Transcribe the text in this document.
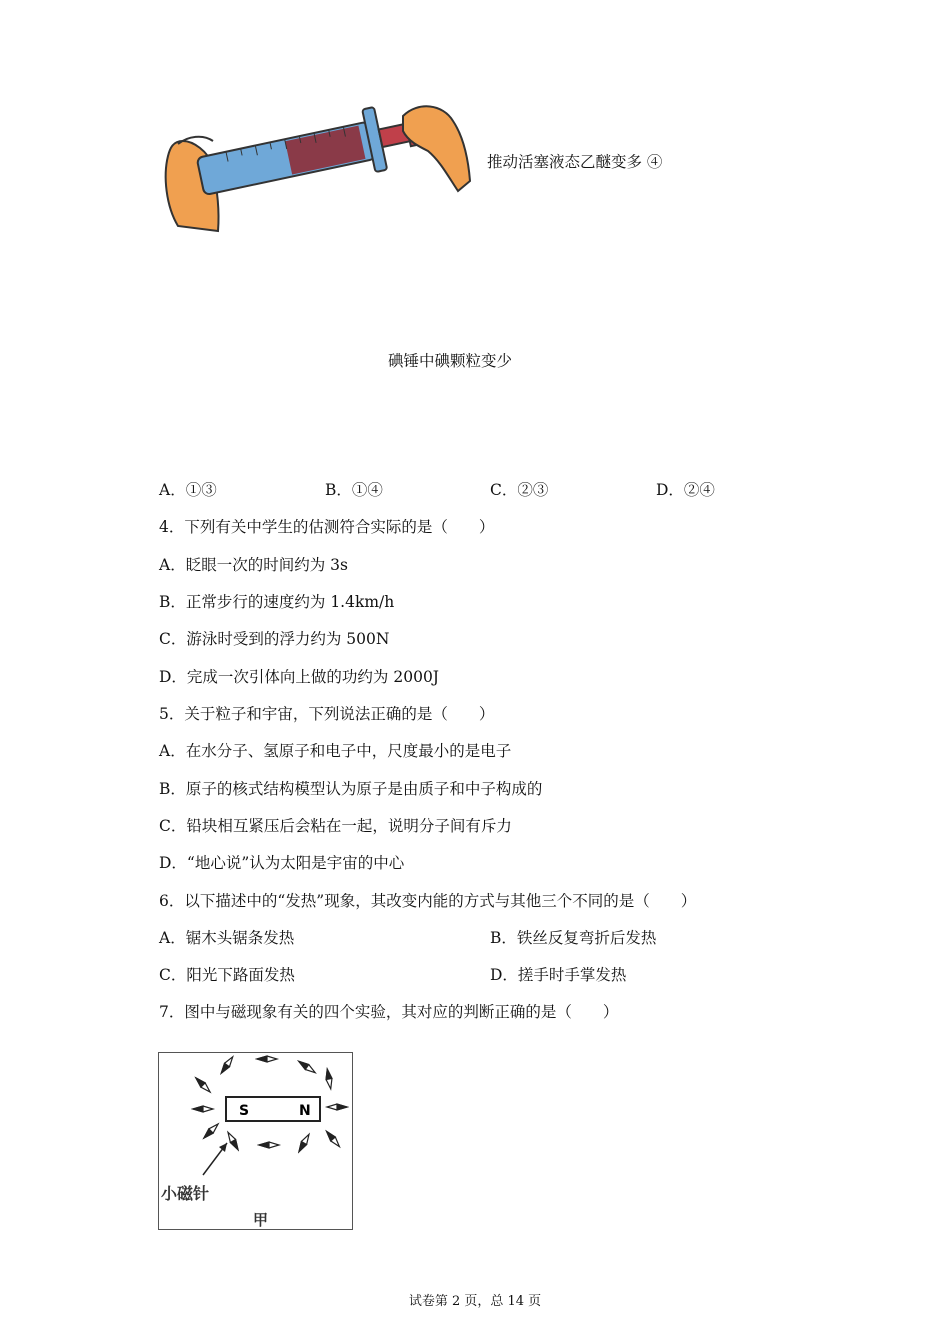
推动活塞液态乙醚变多 ④
碘锤中碘颗粒变少
A．①③	B．①④	C．②③	D．②④
4．下列有关中学生的估测符合实际的是（　　）
A．眨眼一次的时间约为 3s
B．正常步行的速度约为 1.4km/h
C．游泳时受到的浮力约为 500N
D．完成一次引体向上做的功约为 2000J
5．关于粒子和宇宙，下列说法正确的是（　　）
A．在水分子、氢原子和电子中，尺度最小的是电子
B．原子的核式结构模型认为原子是由质子和中子构成的
C．铅块相互紧压后会粘在一起，说明分子间有斥力
D．“地心说”认为太阳是宇宙的中心
6．以下描述中的“发热”现象，其改变内能的方式与其他三个不同的是（　　）
A．锯木头锯条发热	B．铁丝反复弯折后发热
C．阳光下路面发热	D．搓手时手掌发热
7．图中与磁现象有关的四个实验，其对应的判断正确的是（　　）
S	N
小磁针
甲
试卷第 2 页，总 14 页
